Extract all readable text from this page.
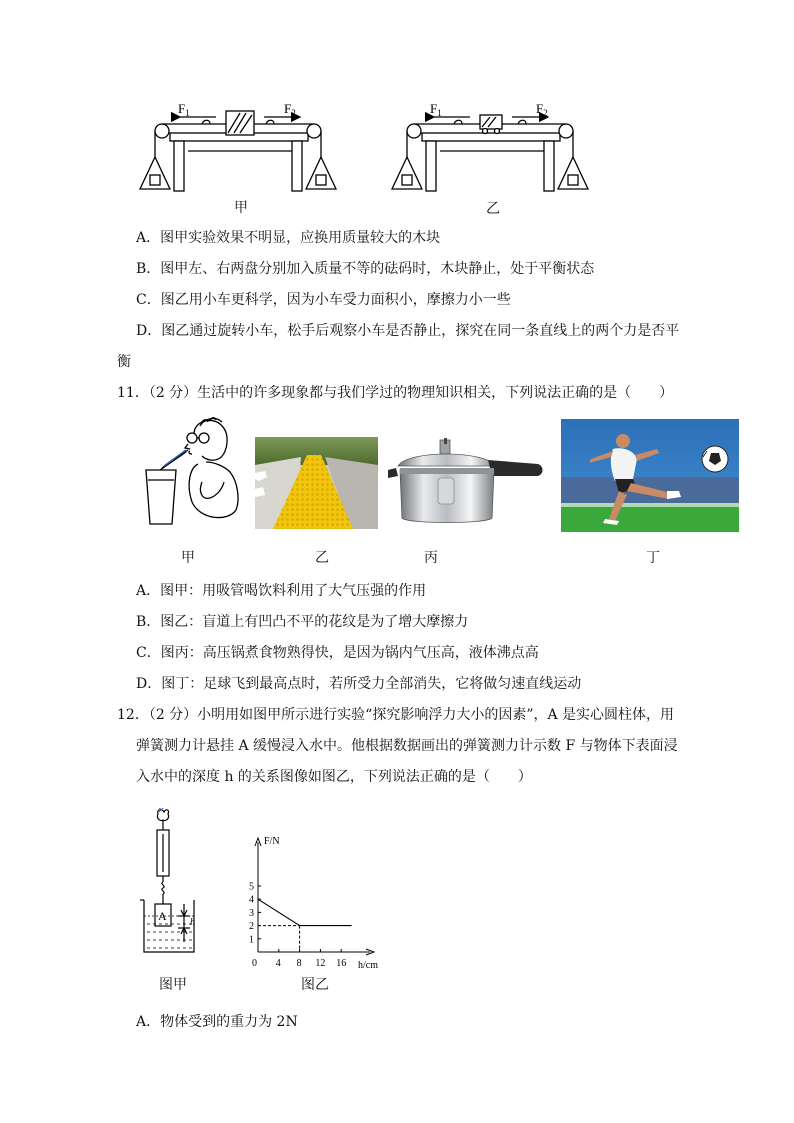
$F_1$	$F_2$	$F_1$	$F_2$
甲	乙
A．图甲实验效果不明显，应换用质量较大的木块
B．图甲左、右两盘分别加入质量不等的砝码时，木块静止，处于平衡状态
C．图乙用小车更科学，因为小车受力面积小，摩擦力小一些
D．图乙通过旋转小车，松手后观察小车是否静止，探究在同一条直线上的两个力是否平
衡
11．（2 分）生活中的许多现象都与我们学过的物理知识相关，下列说法正确的是（　　）
甲	乙	丙	丁
A．图甲：用吸管喝饮料利用了大气压强的作用
B．图乙：盲道上有凹凸不平的花纹是为了增大摩擦力
C．图丙：高压锅煮食物熟得快，是因为锅内气压高，液体沸点高
D．图丁：足球飞到最高点时，若所受力全部消失，它将做匀速直线运动
12．（2 分）小明用如图甲所示进行实验“探究影响浮力大小的因素”，A 是实心圆柱体，用
弹簧测力计悬挂 A 缓慢浸入水中。他根据数据画出的弹簧测力计示数 F 与物体下表面浸
入水中的深度 h 的关系图像如图乙，下列说法正确的是（　　）
A h
图甲
F/N
h/cm
1
2
3
4
5
0 4 8 12 16
图乙
A．物体受到的重力为 2N
